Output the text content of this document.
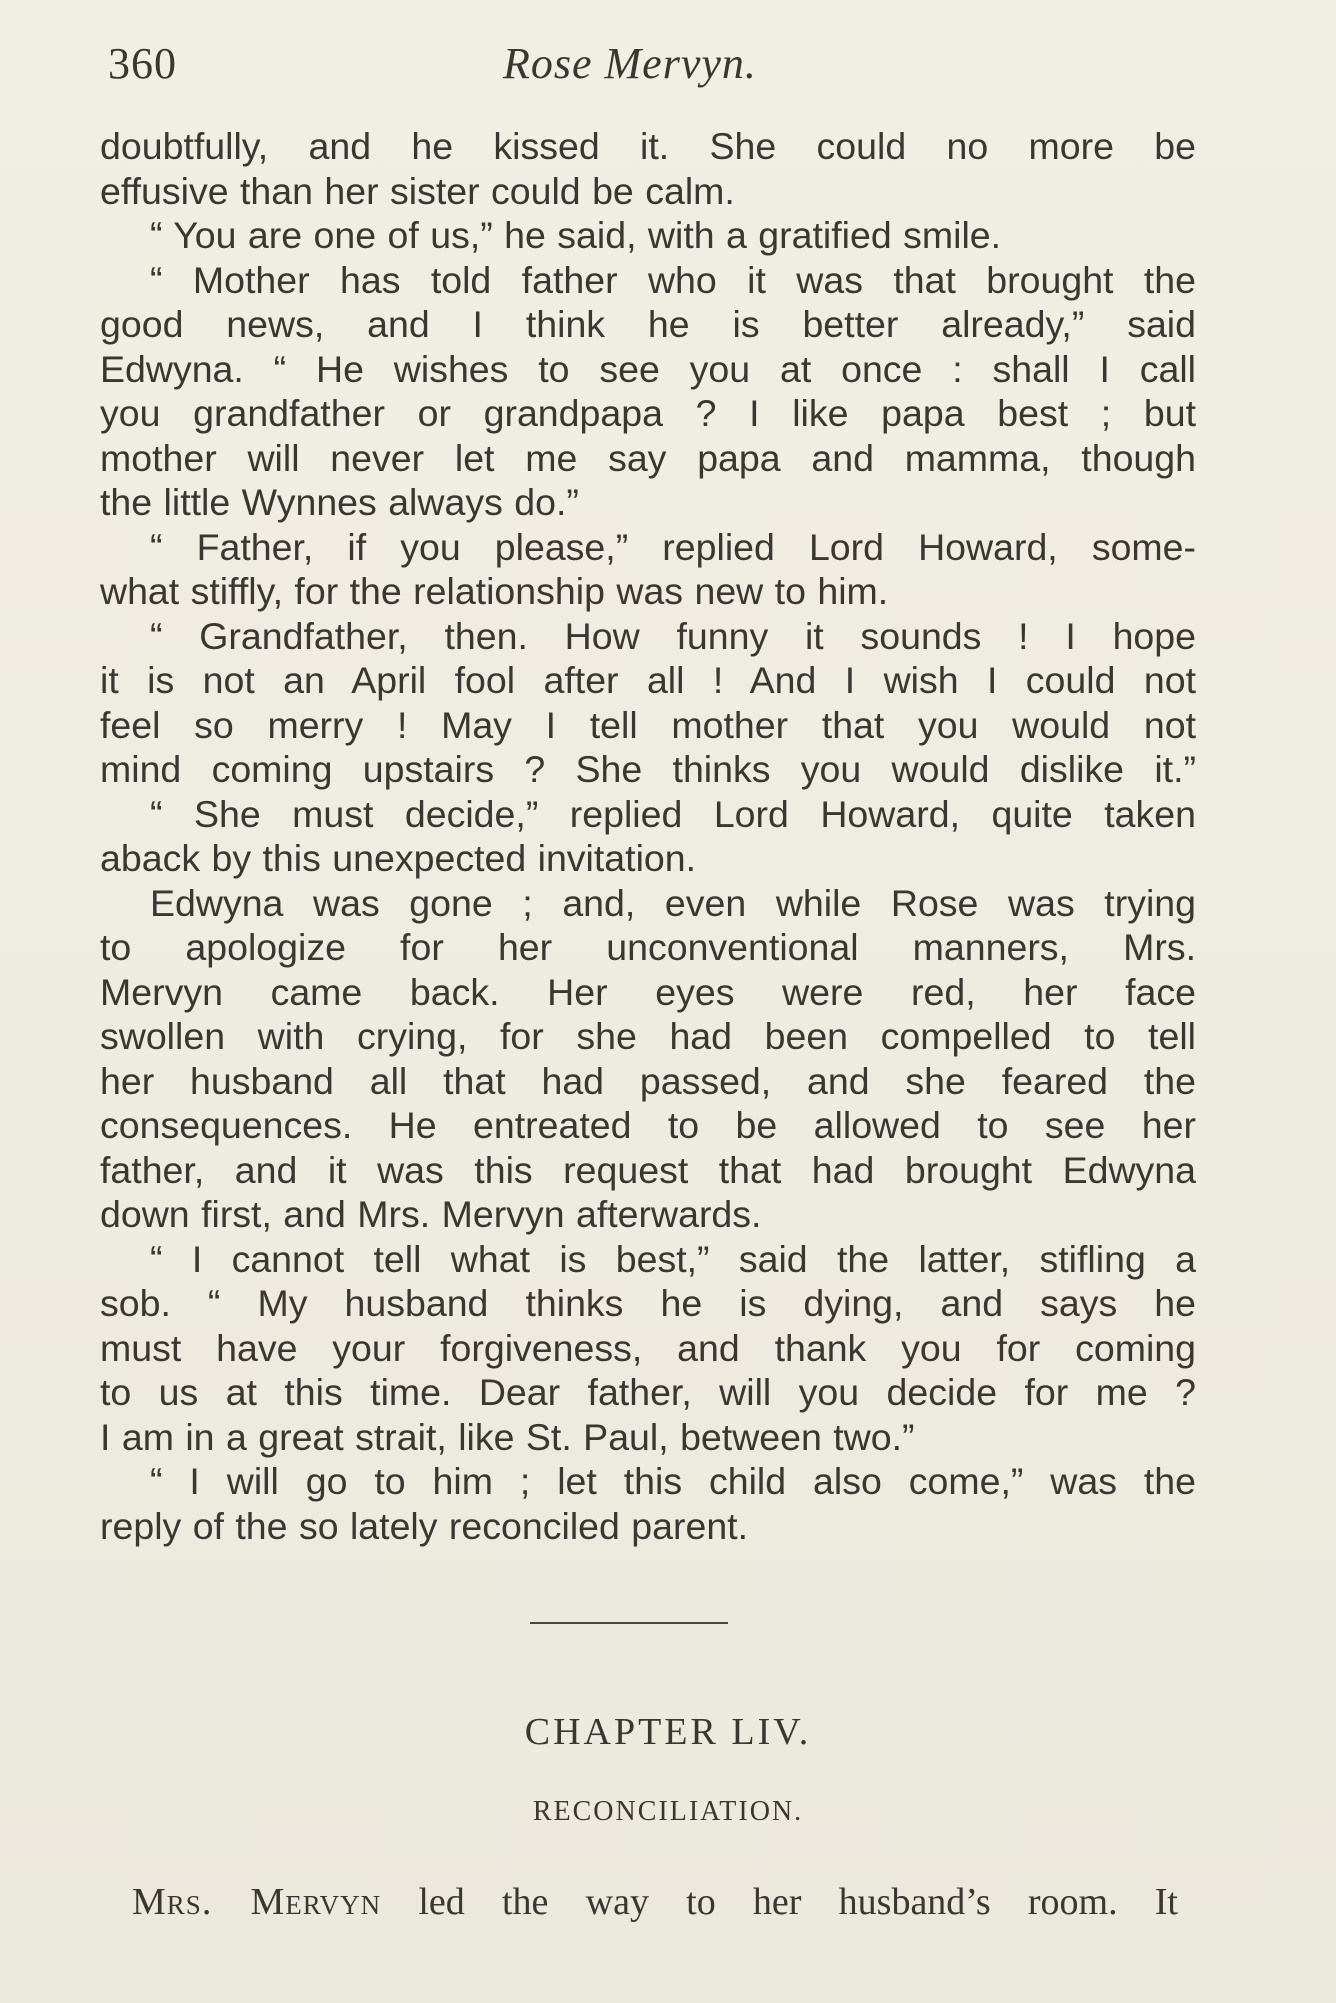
360	Rose Mervyn.
doubtfully, and he kissed it. She could no more be
effusive than her sister could be calm.
“ You are one of us,” he said, with a gratified smile.
“ Mother has told father who it was that brought the
good news, and I think he is better already,” said
Edwyna. “ He wishes to see you at once : shall I call
you grandfather or grandpapa ? I like papa best ; but
mother will never let me say papa and mamma, though
the little Wynnes always do.”
“ Father, if you please,” replied Lord Howard, some-
what stiffly, for the relationship was new to him.
“ Grandfather, then. How funny it sounds ! I hope
it is not an April fool after all ! And I wish I could not
feel so merry ! May I tell mother that you would not
mind coming upstairs ? She thinks you would dislike it.”
“ She must decide,” replied Lord Howard, quite taken
aback by this unexpected invitation.
Edwyna was gone ; and, even while Rose was trying
to apologize for her unconventional manners, Mrs.
Mervyn came back. Her eyes were red, her face
swollen with crying, for she had been compelled to tell
her husband all that had passed, and she feared the
consequences. He entreated to be allowed to see her
father, and it was this request that had brought Edwyna
down first, and Mrs. Mervyn afterwards.
“ I cannot tell what is best,” said the latter, stifling a
sob. “ My husband thinks he is dying, and says he
must have your forgiveness, and thank you for coming
to us at this time. Dear father, will you decide for me ?
I am in a great strait, like St. Paul, between two.”
“ I will go to him ; let this child also come,” was the
reply of the so lately reconciled parent.
CHAPTER LIV.
RECONCILIATION.
Mrs. Mervyn led the way to her husband’s room. It
